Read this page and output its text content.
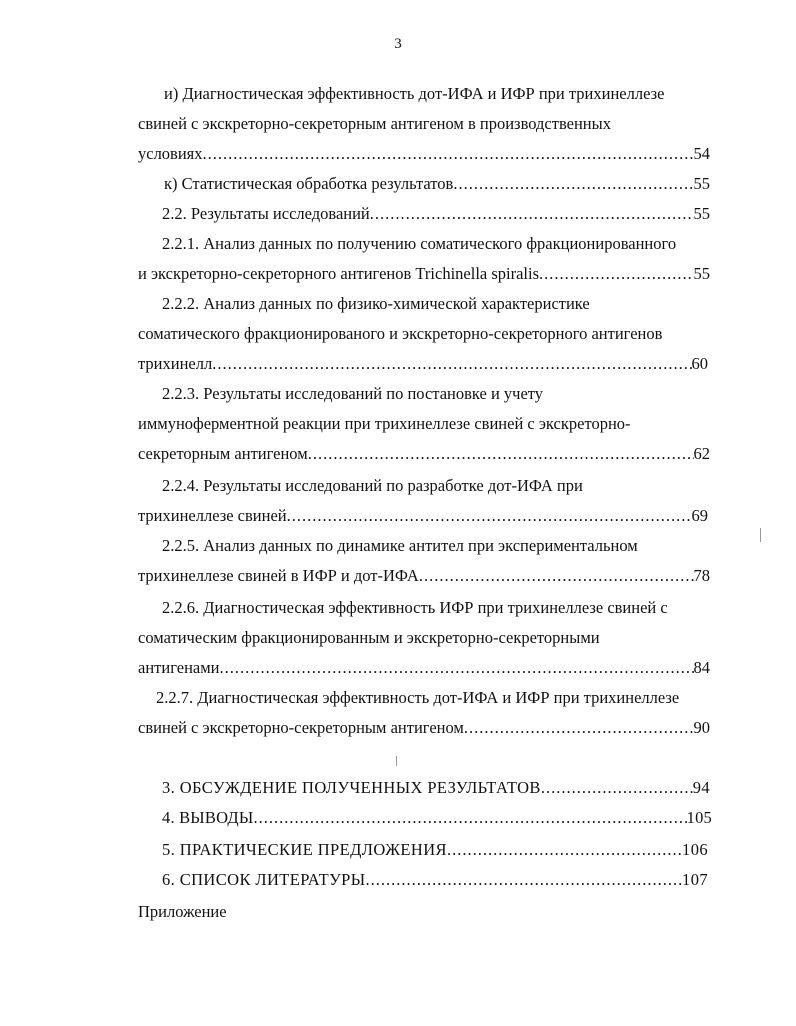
3
и) Диагностическая эффективность дот-ИФА и ИФР при трихинеллезе
свиней с экскреторно-секреторным антигеном в производственных
условиях .....	54
к) Статистическая обработка результатов .....	55
2.2. Результаты исследований .....	55
2.2.1. Анализ данных по получению соматического фракционированного
и экскреторно-секреторного антигенов Trichinella spiralis .....	55
2.2.2. Анализ данных по физико-химической характеристике
соматического фракционированого и экскреторно-секреторного антигенов
трихинелл .....	60
2.2.3. Результаты исследований по постановке и учету
иммуноферментной реакции при трихинеллезе свиней с экскреторно-
секреторным антигеном .....	62
2.2.4. Результаты исследований по разработке дот-ИФА при
трихинеллезе свиней .....	69
2.2.5. Анализ данных по динамике антител при экспериментальном
трихинеллезе свиней в ИФР и дот-ИФА .....	78
2.2.6. Диагностическая эффективность ИФР при трихинеллезе свиней с
соматическим фракционированным и экскреторно-секреторными
антигенами .....	84
2.2.7. Диагностическая эффективность дот-ИФА и ИФР при трихинеллезе
свиней с экскреторно-секреторным антигеном .....	90
3. ОБСУЖДЕНИЕ ПОЛУЧЕННЫХ РЕЗУЛЬТАТОВ .....	94
4. ВЫВОДЫ .....	105
5. ПРАКТИЧЕСКИЕ ПРЕДЛОЖЕНИЯ .....	106
6. СПИСОК ЛИТЕРАТУРЫ .....	107
Приложение
